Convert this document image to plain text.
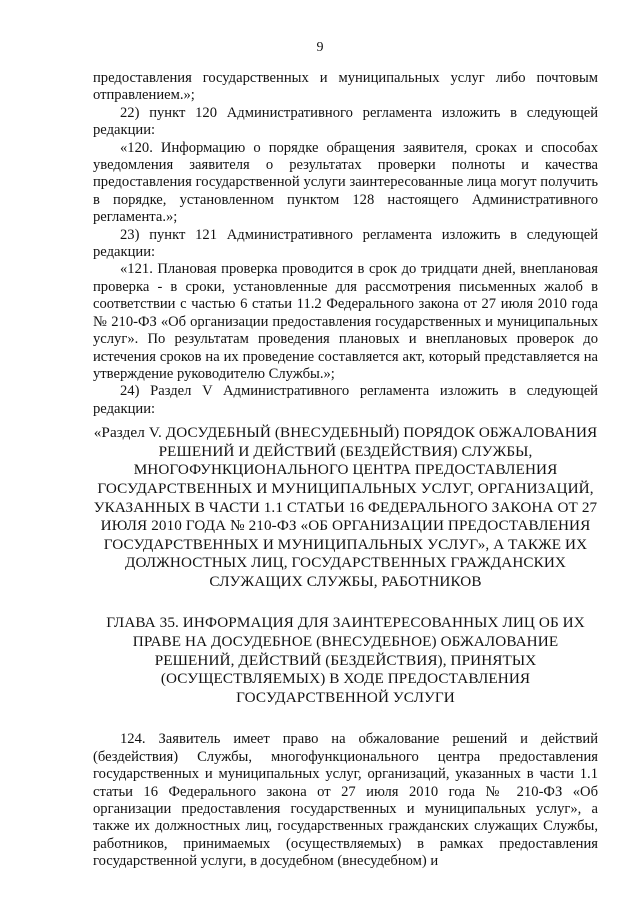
9

предоставления государственных и муниципальных услуг либо почтовым отправлением.»;

22) пункт 120 Административного регламента изложить в следующей редакции:

«120. Информацию о порядке обращения заявителя, сроках и способах уведомления заявителя о результатах проверки полноты и качества предоставления государственной услуги заинтересованные лица могут получить в порядке, установленном пунктом 128 настоящего Административного регламента.»;

23) пункт 121 Административного регламента изложить в следующей редакции:

«121. Плановая проверка проводится в срок до тридцати дней, внеплановая проверка - в сроки, установленные для рассмотрения письменных жалоб в соответствии с частью 6 статьи 11.2 Федерального закона от 27 июля 2010 года № 210-ФЗ «Об организации предоставления государственных и муниципальных услуг». По результатам проведения плановых и внеплановых проверок до истечения сроков на их проведение составляется акт, который представляется на утверждение руководителю Службы.»;

24) Раздел V Административного регламента изложить в следующей редакции:

«Раздел V. ДОСУДЕБНЫЙ (ВНЕСУДЕБНЫЙ) ПОРЯДОК ОБЖАЛОВАНИЯ РЕШЕНИЙ И ДЕЙСТВИЙ (БЕЗДЕЙСТВИЯ) СЛУЖБЫ, МНОГОФУНКЦИОНАЛЬНОГО ЦЕНТРА ПРЕДОСТАВЛЕНИЯ ГОСУДАРСТВЕННЫХ И МУНИЦИПАЛЬНЫХ УСЛУГ, ОРГАНИЗАЦИЙ, УКАЗАННЫХ В ЧАСТИ 1.1 СТАТЬИ 16 ФЕДЕРАЛЬНОГО ЗАКОНА ОТ 27 ИЮЛЯ 2010 ГОДА № 210-ФЗ «ОБ ОРГАНИЗАЦИИ ПРЕДОСТАВЛЕНИЯ ГОСУДАРСТВЕННЫХ И МУНИЦИПАЛЬНЫХ УСЛУГ», А ТАКЖЕ ИХ ДОЛЖНОСТНЫХ ЛИЦ, ГОСУДАРСТВЕННЫХ ГРАЖДАНСКИХ СЛУЖАЩИХ СЛУЖБЫ, РАБОТНИКОВ

ГЛАВА 35. ИНФОРМАЦИЯ ДЛЯ ЗАИНТЕРЕСОВАННЫХ ЛИЦ ОБ ИХ ПРАВЕ НА ДОСУДЕБНОЕ (ВНЕСУДЕБНОЕ) ОБЖАЛОВАНИЕ РЕШЕНИЙ, ДЕЙСТВИЙ (БЕЗДЕЙСТВИЯ), ПРИНЯТЫХ (ОСУЩЕСТВЛЯЕМЫХ) В ХОДЕ ПРЕДОСТАВЛЕНИЯ ГОСУДАРСТВЕННОЙ УСЛУГИ

124. Заявитель имеет право на обжалование решений и действий (бездействия) Службы, многофункционального центра предоставления государственных и муниципальных услуг, организаций, указанных в части 1.1 статьи 16 Федерального закона от 27 июля 2010 года № 210-ФЗ «Об организации предоставления государственных и муниципальных услуг», а также их должностных лиц, государственных гражданских служащих Службы, работников, принимаемых (осуществляемых) в рамках предоставления государственной услуги, в досудебном (внесудебном) и
